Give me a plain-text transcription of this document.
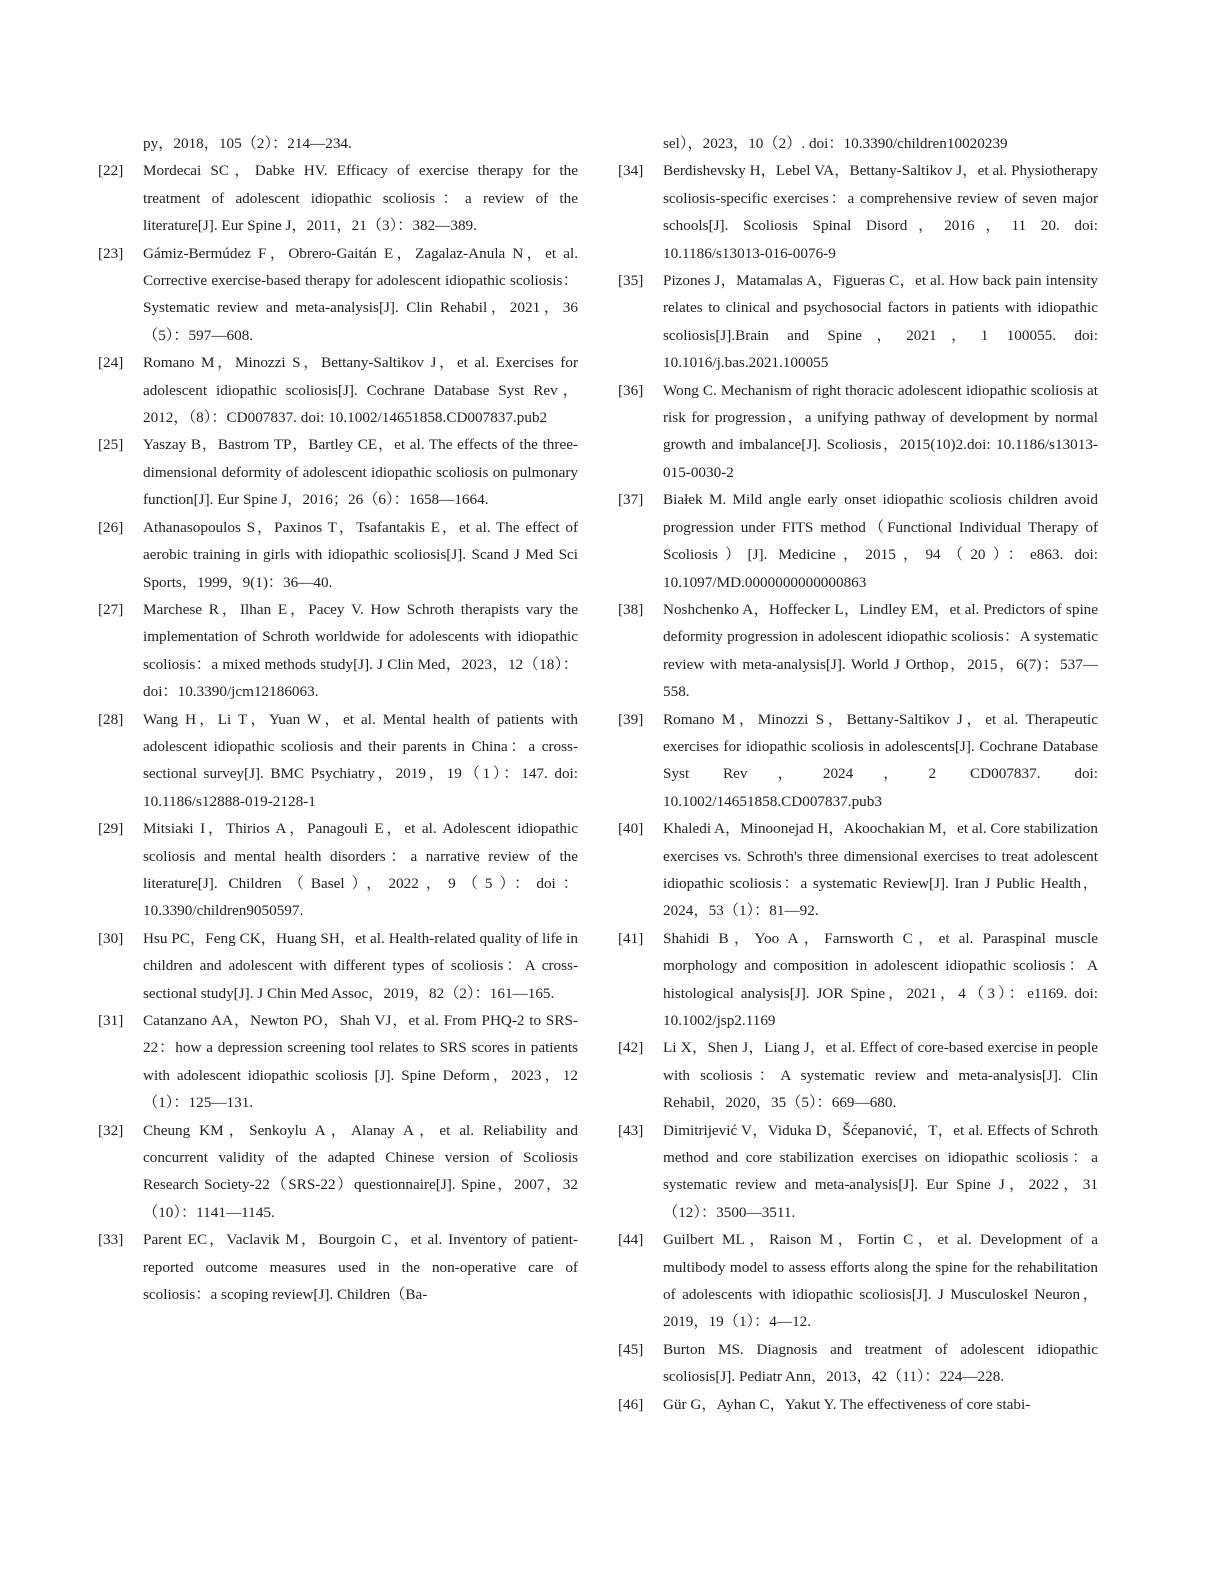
py，2018，105（2）：214—234.
[22] Mordecai SC，Dabke HV. Efficacy of exercise therapy for the treatment of adolescent idiopathic scoliosis：a review of the literature[J]. Eur Spine J，2011，21（3）：382—389.
[23] Gámiz-Bermúdez F，Obrero-Gaitán E，Zagalaz-Anula N，et al. Corrective exercise-based therapy for adolescent idiopathic scoliosis：Systematic review and meta-analysis[J]. Clin Rehabil，2021，36（5）：597—608.
[24] Romano M，Minozzi S，Bettany-Saltikov J，et al. Exercises for adolescent idiopathic scoliosis[J]. Cochrane Database Syst Rev，2012，（8）：CD007837. doi: 10.1002/14651858.CD007837.pub2
[25] Yaszay B，Bastrom TP，Bartley CE，et al. The effects of the three-dimensional deformity of adolescent idiopathic scoliosis on pulmonary function[J]. Eur Spine J，2016；26（6）：1658—1664.
[26] Athanasopoulos S，Paxinos T，Tsafantakis E，et al. The effect of aerobic training in girls with idiopathic scoliosis[J]. Scand J Med Sci Sports，1999，9(1)：36—40.
[27] Marchese R，Ilhan E，Pacey V. How Schroth therapists vary the implementation of Schroth worldwide for adolescents with idiopathic scoliosis：a mixed methods study[J]. J Clin Med，2023，12（18）：doi：10.3390/jcm12186063.
[28] Wang H，Li T，Yuan W，et al. Mental health of patients with adolescent idiopathic scoliosis and their parents in China：a cross-sectional survey[J]. BMC Psychiatry，2019，19（1）：147. doi: 10.1186/s12888-019-2128-1
[29] Mitsiaki I，Thirios A，Panagouli E，et al. Adolescent idiopathic scoliosis and mental health disorders：a narrative review of the literature[J]. Children（Basel），2022，9（5）：doi：10.3390/children9050597.
[30] Hsu PC，Feng CK，Huang SH，et al. Health-related quality of life in children and adolescent with different types of scoliosis：A cross-sectional study[J]. J Chin Med Assoc，2019，82（2）：161—165.
[31] Catanzano AA，Newton PO，Shah VJ，et al. From PHQ-2 to SRS-22：how a depression screening tool relates to SRS scores in patients with adolescent idiopathic scoliosis [J]. Spine Deform，2023，12（1）：125—131.
[32] Cheung KM，Senkoylu A，Alanay A，et al. Reliability and concurrent validity of the adapted Chinese version of Scoliosis Research Society-22（SRS-22）questionnaire[J]. Spine，2007，32（10）：1141—1145.
[33] Parent EC，Vaclavik M，Bourgoin C，et al. Inventory of patient-reported outcome measures used in the non-operative care of scoliosis：a scoping review[J]. Children（Ba-
sel），2023，10（2）. doi：10.3390/children10020239
[34] Berdishevsky H，Lebel VA，Bettany-Saltikov J，et al. Physiotherapy scoliosis-specific exercises：a comprehensive review of seven major schools[J]. Scoliosis Spinal Disord，2016，11 20. doi: 10.1186/s13013-016-0076-9
[35] Pizones J，Matamalas A，Figueras C，et al. How back pain intensity relates to clinical and psychosocial factors in patients with idiopathic scoliosis[J].Brain and Spine，2021，1 100055. doi: 10.1016/j.bas.2021.100055
[36] Wong C. Mechanism of right thoracic adolescent idiopathic scoliosis at risk for progression，a unifying pathway of development by normal growth and imbalance[J]. Scoliosis，2015(10)2.doi: 10.1186/s13013-015-0030-2
[37] Białek M. Mild angle early onset idiopathic scoliosis children avoid progression under FITS method（Functional Individual Therapy of Scoliosis）[J]. Medicine，2015，94（20）：e863. doi: 10.1097/MD.0000000000000863
[38] Noshchenko A，Hoffecker L，Lindley EM，et al. Predictors of spine deformity progression in adolescent idiopathic scoliosis：A systematic review with meta-analysis[J]. World J Orthop，2015，6(7)：537—558.
[39] Romano M，Minozzi S，Bettany-Saltikov J，et al. Therapeutic exercises for idiopathic scoliosis in adolescents[J]. Cochrane Database Syst Rev，2024，2 CD007837. doi: 10.1002/14651858.CD007837.pub3
[40] Khaledi A，Minoonejad H，Akoochakian M，et al. Core stabilization exercises vs. Schroth's three dimensional exercises to treat adolescent idiopathic scoliosis：a systematic Review[J]. Iran J Public Health，2024，53（1）：81—92.
[41] Shahidi B，Yoo A，Farnsworth C，et al. Paraspinal muscle morphology and composition in adolescent idiopathic scoliosis：A histological analysis[J]. JOR Spine，2021，4（3）：e1169. doi: 10.1002/jsp2.1169
[42] Li X，Shen J，Liang J，et al. Effect of core-based exercise in people with scoliosis：A systematic review and meta-analysis[J]. Clin Rehabil，2020，35（5）：669—680.
[43] Dimitrijević V，Viduka D，Šćepanović，T，et al. Effects of Schroth method and core stabilization exercises on idiopathic scoliosis：a systematic review and meta-analysis[J]. Eur Spine J，2022，31（12）：3500—3511.
[44] Guilbert ML，Raison M，Fortin C，et al. Development of a multibody model to assess efforts along the spine for the rehabilitation of adolescents with idiopathic scoliosis[J]. J Musculoskel Neuron，2019，19（1）：4—12.
[45] Burton MS. Diagnosis and treatment of adolescent idiopathic scoliosis[J]. Pediatr Ann，2013，42（11）：224—228.
[46] Gür G，Ayhan C，Yakut Y. The effectiveness of core stabi-
